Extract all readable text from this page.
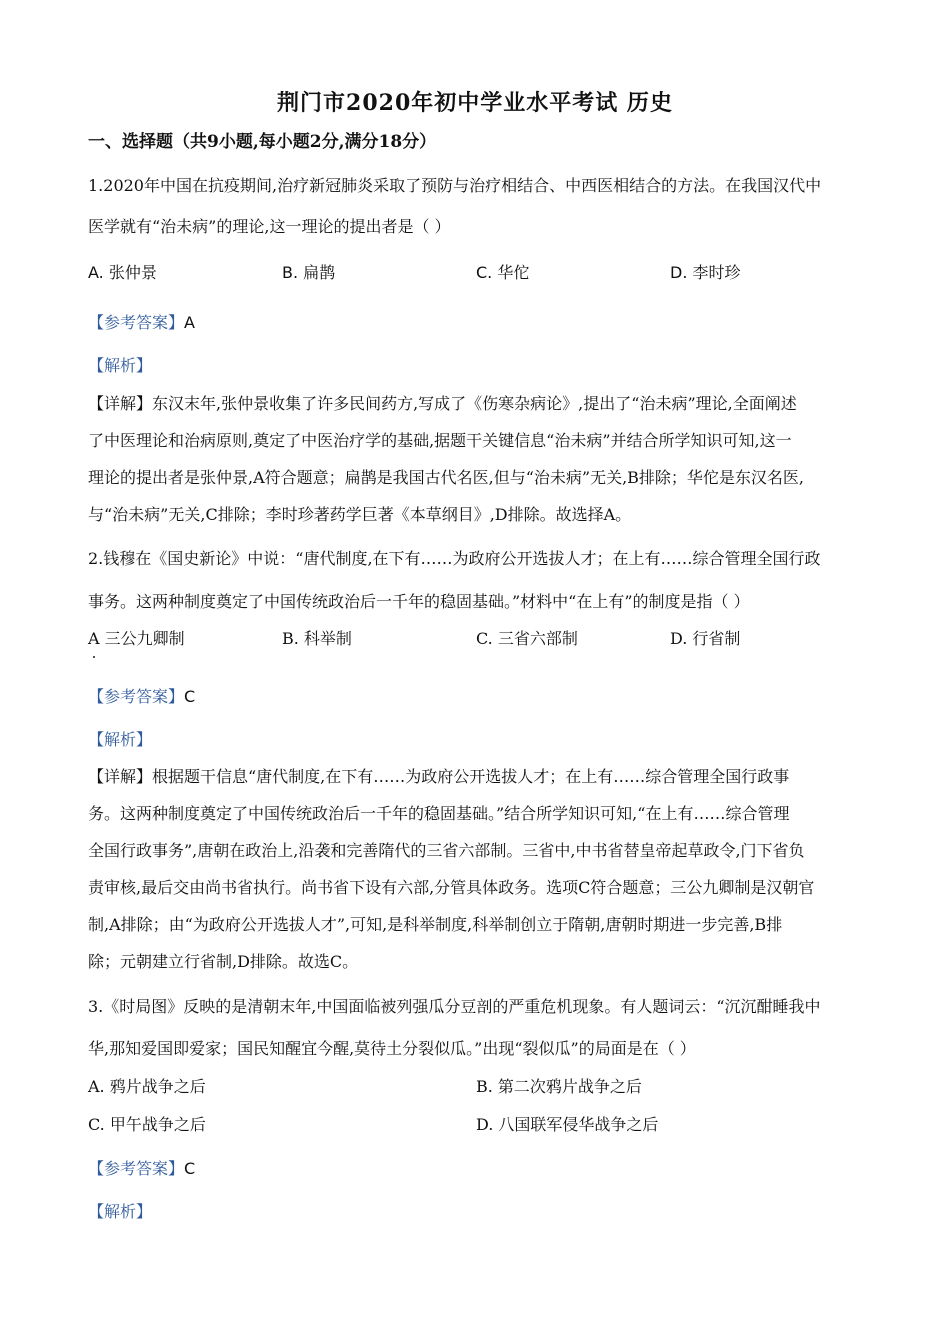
荆门市2020年初中学业水平考试 历史
一、选择题（共9小题,每小题2分,满分18分）
1.2020年中国在抗疫期间,治疗新冠肺炎采取了预防与治疗相结合、中西医相结合的方法。在我国汉代中
医学就有“治未病”的理论,这一理论的提出者是（ ）
A. 张仲景	B. 扁鹊	C. 华佗	D. 李时珍
【参考答案】A
【解析】
【详解】东汉末年,张仲景收集了许多民间药方,写成了《伤寒杂病论》,提出了“治未病”理论,全面阐述
了中医理论和治病原则,奠定了中医治疗学的基础,据题干关键信息“治未病”并结合所学知识可知,这一
理论的提出者是张仲景,A符合题意；扁鹊是我国古代名医,但与“治未病”无关,B排除；华佗是东汉名医,
与“治未病”无关,C排除；李时珍著药学巨著《本草纲目》,D排除。故选择A。
2.钱穆在《国史新论》中说：“唐代制度,在下有……为政府公开选拔人才；在上有……综合管理全国行政
事务。这两种制度奠定了中国传统政治后一千年的稳固基础。”材料中“在上有”的制度是指（ ）
A 三公九卿制	B. 科举制	C. 三省六部制	D. 行省制
【参考答案】C
【解析】
【详解】根据题干信息“唐代制度,在下有……为政府公开选拔人才；在上有……综合管理全国行政事
务。这两种制度奠定了中国传统政治后一千年的稳固基础。”结合所学知识可知,“在上有……综合管理
全国行政事务”,唐朝在政治上,沿袭和完善隋代的三省六部制。三省中,中书省替皇帝起草政令,门下省负
责审核,最后交由尚书省执行。尚书省下设有六部,分管具体政务。选项C符合题意；三公九卿制是汉朝官
制,A排除；由“为政府公开选拔人才”,可知,是科举制度,科举制创立于隋朝,唐朝时期进一步完善,B排
除；元朝建立行省制,D排除。故选C。
3.《时局图》反映的是清朝末年,中国面临被列强瓜分豆剖的严重危机现象。有人题词云：“沉沉酣睡我中
华,那知爱国即爱家；国民知醒宜今醒,莫待土分裂似瓜。”出现“裂似瓜”的局面是在（ ）
A. 鸦片战争之后	B. 第二次鸦片战争之后
C. 甲午战争之后	D. 八国联军侵华战争之后
【参考答案】C
【解析】
